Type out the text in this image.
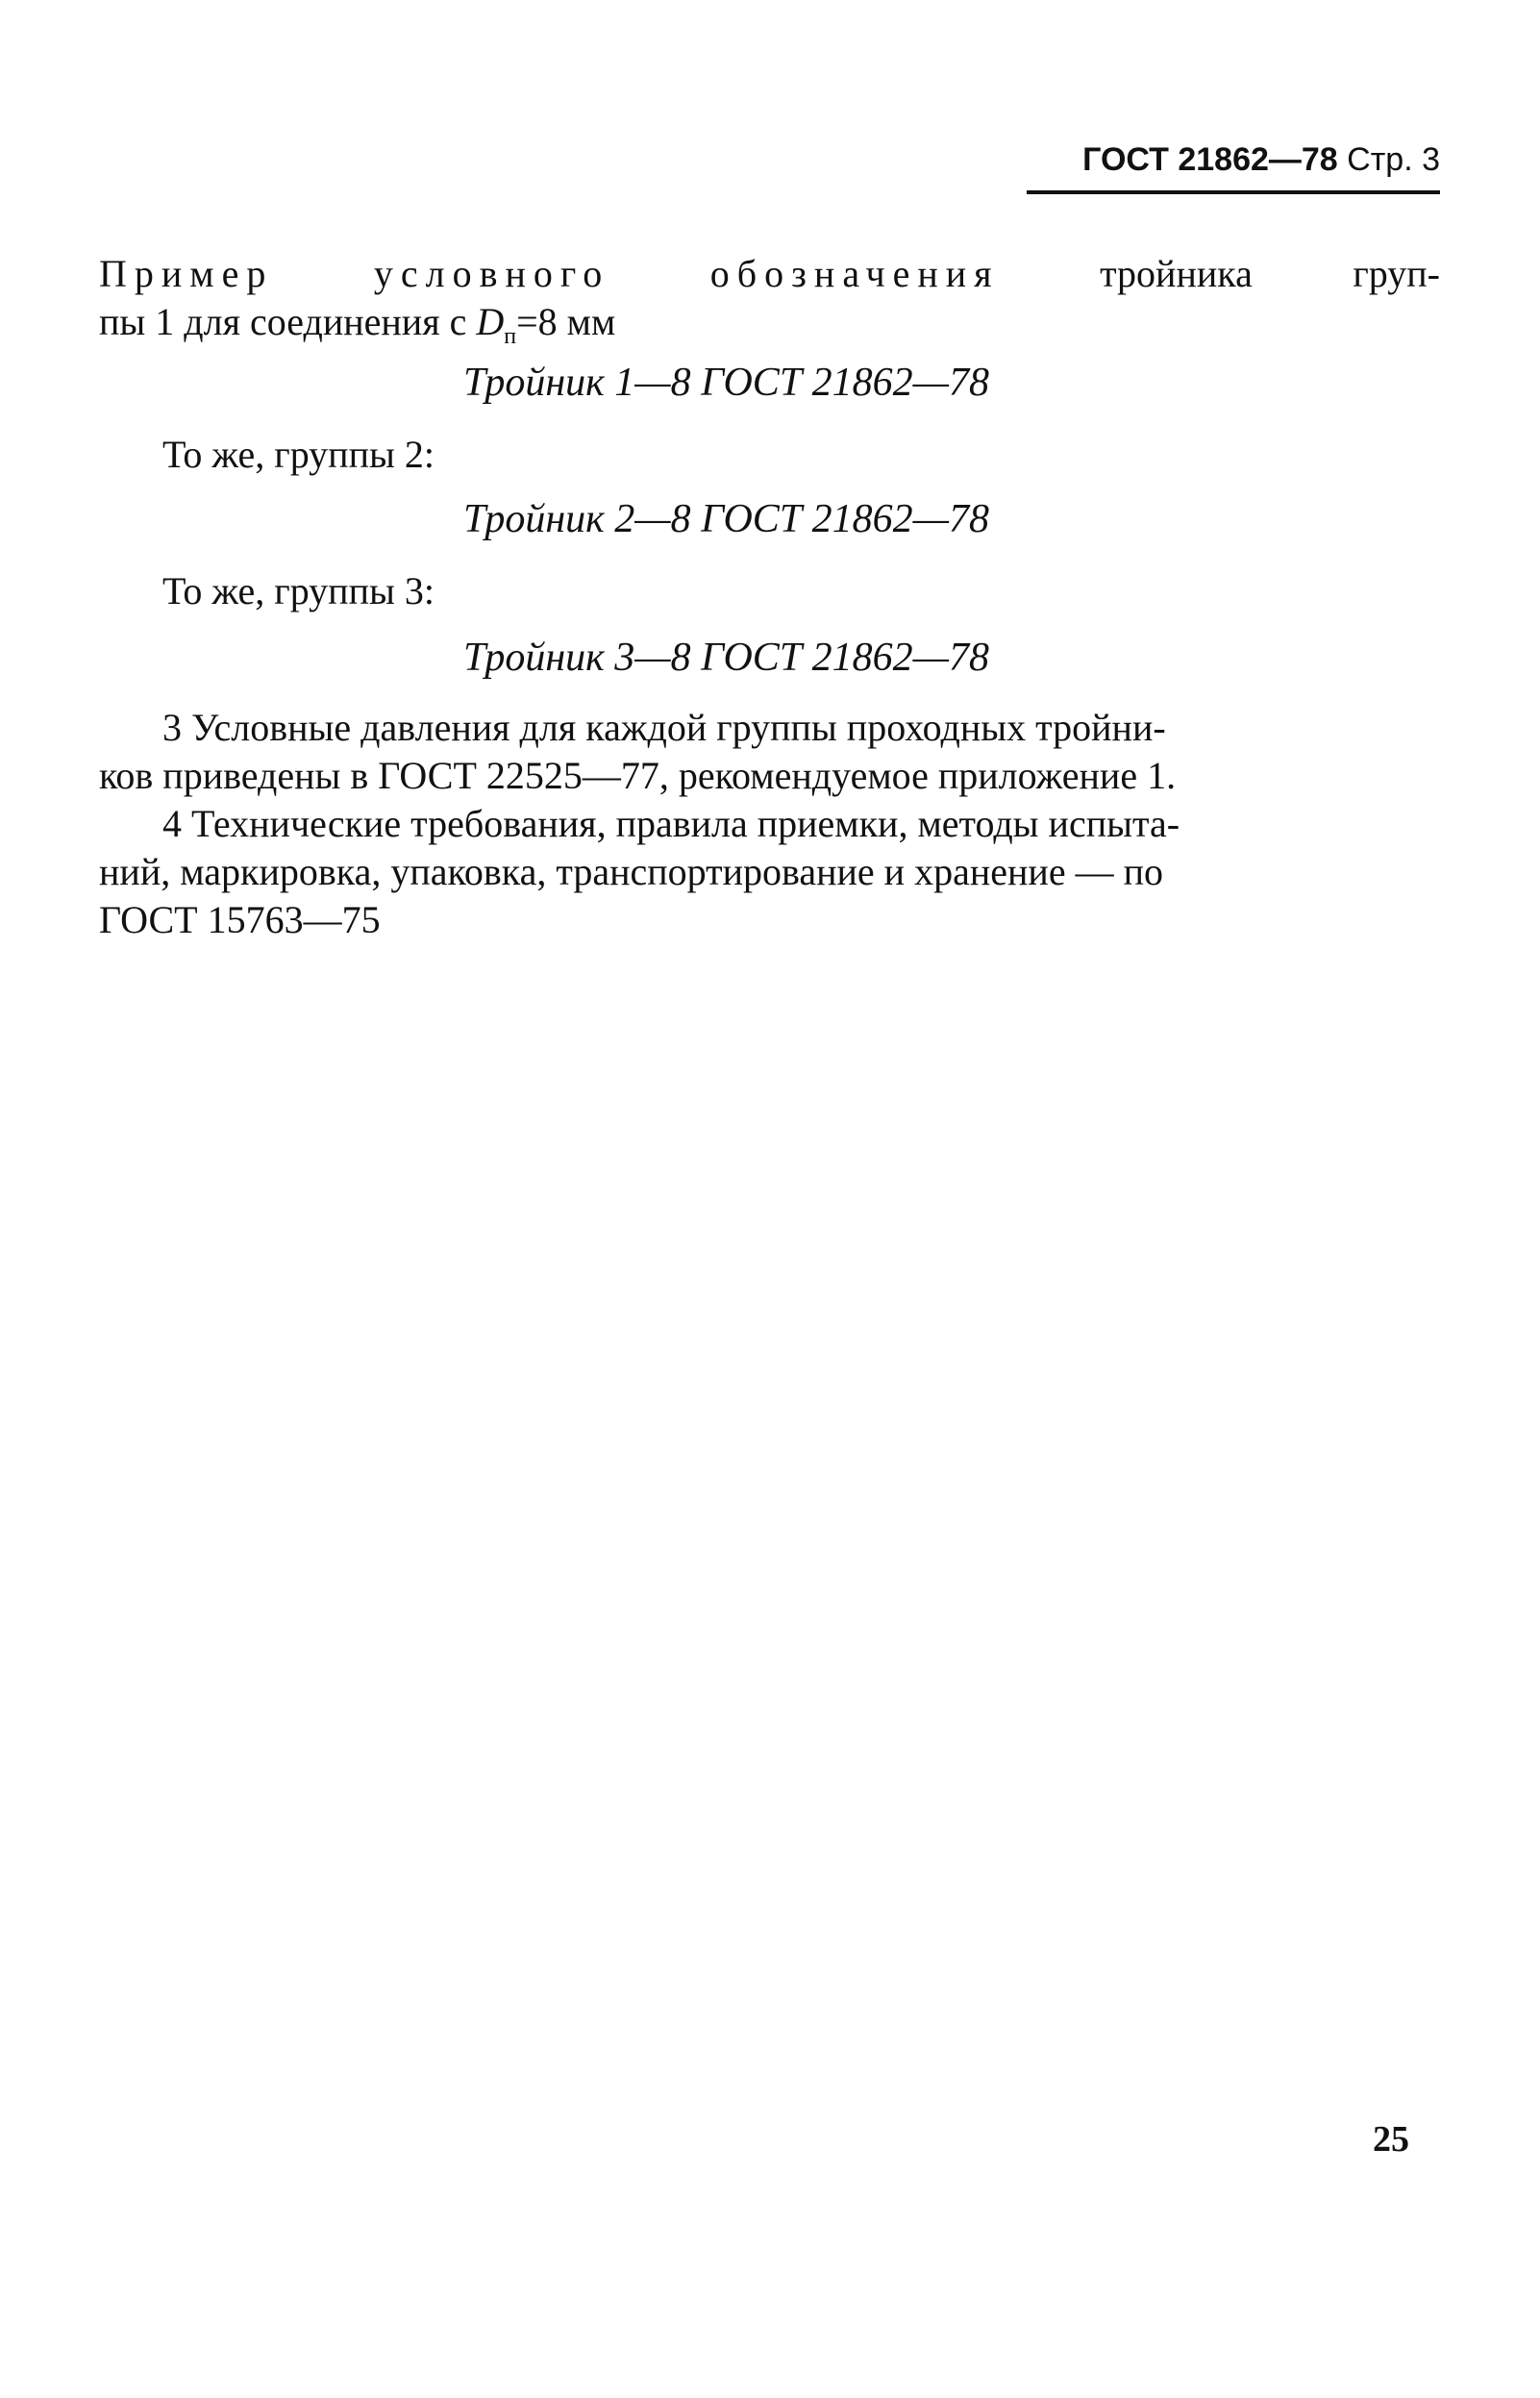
ГОСТ 21862—78 Стр. 3
Пример	условного	обозначения	тройника	груп-
пы 1 для соединения с $D_п=8$ мм
Тройник 1—8 ГОСТ 21862—78
То же, группы 2:
Тройник 2—8 ГОСТ 21862—78
То же, группы 3:
Тройник 3—8 ГОСТ 21862—78
3 Условные давления для каждой группы проходных тройни-
ков приведены в ГОСТ 22525—77, рекомендуемое приложение 1.
4 Технические требования, правила приемки, методы испыта-
ний, маркировка, упаковка, транспортирование и хранение — по
ГОСТ 15763—75
25
